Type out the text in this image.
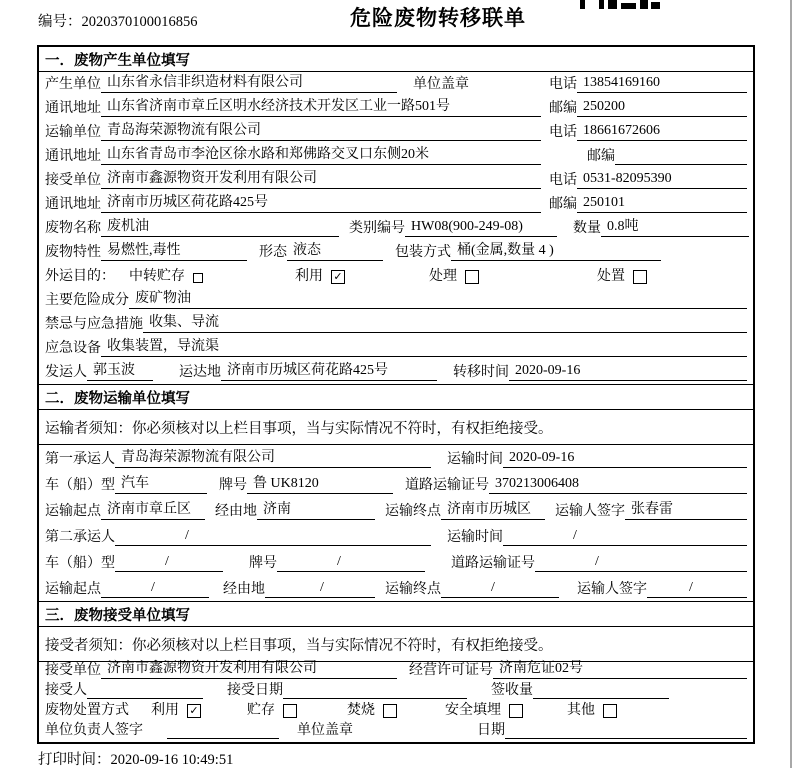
编号：2020370100016856	危险废物转移联单
一．废物产生单位填写
产生单位 山东省永信非织造材料有限公司	单位盖章	电话 13854169160
通讯地址 山东省济南市章丘区明水经济技术开发区工业一路501号	邮编 250200
运输单位 青岛海荣源物流有限公司	电话 18661672606
通讯地址 山东省青岛市李沧区徐水路和郑佛路交叉口东侧20米	邮编
接受单位 济南市鑫源物资开发利用有限公司	电话 0531-82095390
通讯地址 济南市历城区荷花路425号	邮编 250101
废物名称 废机油	类别编号 HW08(900-249-08)	数量 0.8吨
废物特性 易燃性,毒性	形态 液态	包装方式 桶(金属,数量 4 )
外运目的： 中转贮存	利用 ✓	处理	处置
主要危险成分 废矿物油
禁忌与应急措施 收集、导流
应急设备 收集装置，导流渠
发运人 郭玉波	运达地 济南市历城区荷花路425号	转移时间 2020-09-16
二．废物运输单位填写
运输者须知：你必须核对以上栏目事项，当与实际情况不符时，有权拒绝接受。
第一承运人 青岛海荣源物流有限公司	运输时间 2020-09-16
车（船）型 汽车	牌号 鲁 UK8120	道路运输证号 370213006408
运输起点 济南市章丘区	经由地 济南	运输终点 济南市历城区	运输人签字 张春雷
第二承运人	/	运输时间	/
车（船）型	/	牌号	/	道路运输证号	/
运输起点	/	经由地	/	运输终点	/	运输人签字	/
三．废物接受单位填写
接受者须知：你必须核对以上栏目事项，当与实际情况不符时，有权拒绝接受。
接受单位 济南市鑫源物资开发利用有限公司	经营许可证号 济南危证02号
接受人	接受日期	签收量
废物处置方式 利用 ✓	贮存	焚烧	安全填埋	其他
单位负责人签字	单位盖章	日期
打印时间：2020-09-16 10:49:51
